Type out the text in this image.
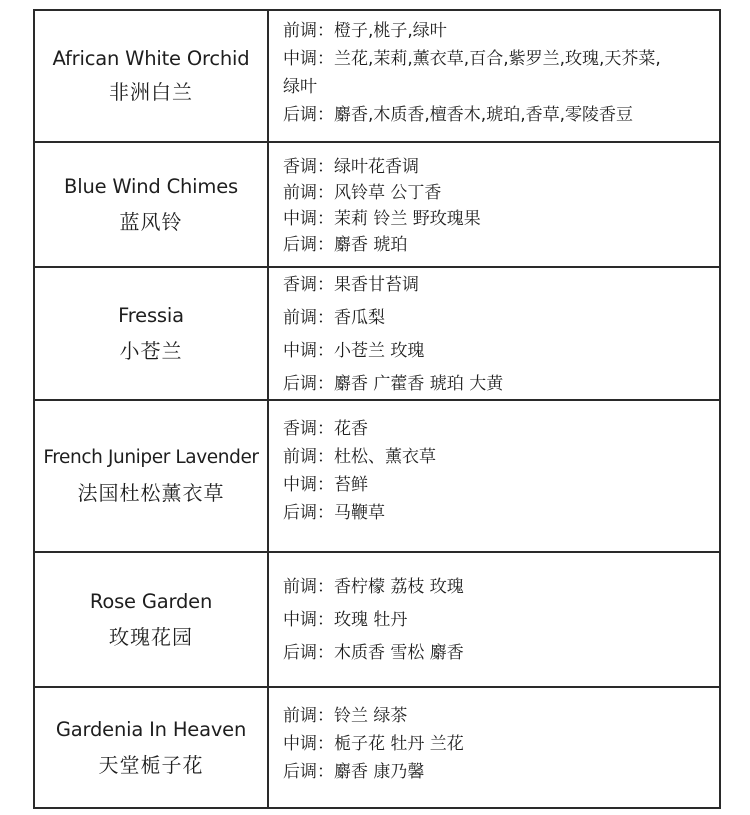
African White Orchid
非洲白兰
前调：橙子,桃子,绿叶
中调：兰花,茉莉,薰衣草,百合,紫罗兰,玫瑰,天芥菜,
绿叶
后调：麝香,木质香,檀香木,琥珀,香草,零陵香豆
Blue Wind Chimes
蓝风铃
香调：绿叶花香调
前调：风铃草 公丁香
中调：茉莉 铃兰 野玫瑰果
后调：麝香 琥珀
Fressia
小苍兰
香调：果香甘苔调
前调：香瓜梨
中调：小苍兰 玫瑰
后调：麝香 广藿香 琥珀 大黄
French Juniper Lavender
法国杜松薰衣草
香调：花香
前调：杜松、薰衣草
中调：苔鲜
后调：马鞭草
Rose Garden
玫瑰花园
前调：香柠檬 荔枝 玫瑰
中调：玫瑰 牡丹
后调：木质香 雪松 麝香
Gardenia In Heaven
天堂栀子花
前调：铃兰 绿茶
中调：栀子花 牡丹 兰花
后调：麝香 康乃馨
